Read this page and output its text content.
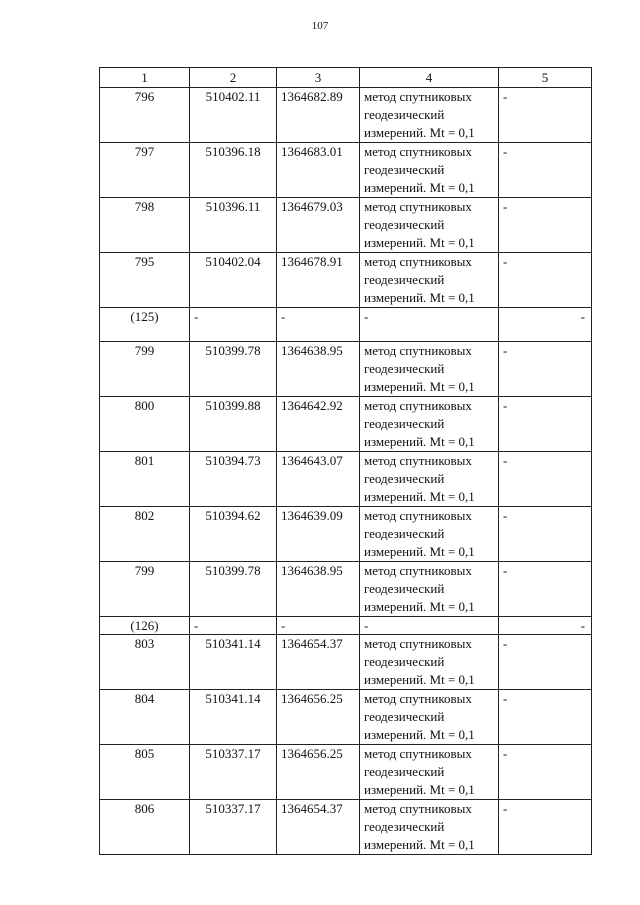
107
1	2	3	4	5
796	510402.11	1364682.89	метод спутниковых
геодезический
измерений. Mt = 0,1	-
797	510396.18	1364683.01	метод спутниковых
геодезический
измерений. Mt = 0,1	-
798	510396.11	1364679.03	метод спутниковых
геодезический
измерений. Mt = 0,1	-
795	510402.04	1364678.91	метод спутниковых
геодезический
измерений. Mt = 0,1	-
(125)	-	-	-	-
799	510399.78	1364638.95	метод спутниковых
геодезический
измерений. Mt = 0,1	-
800	510399.88	1364642.92	метод спутниковых
геодезический
измерений. Mt = 0,1	-
801	510394.73	1364643.07	метод спутниковых
геодезический
измерений. Mt = 0,1	-
802	510394.62	1364639.09	метод спутниковых
геодезический
измерений. Mt = 0,1	-
799	510399.78	1364638.95	метод спутниковых
геодезический
измерений. Mt = 0,1	-
(126)	-	-	-	-
803	510341.14	1364654.37	метод спутниковых
геодезический
измерений. Mt = 0,1	-
804	510341.14	1364656.25	метод спутниковых
геодезический
измерений. Mt = 0,1	-
805	510337.17	1364656.25	метод спутниковых
геодезический
измерений. Mt = 0,1	-
806	510337.17	1364654.37	метод спутниковых
геодезический
измерений. Mt = 0,1	-
